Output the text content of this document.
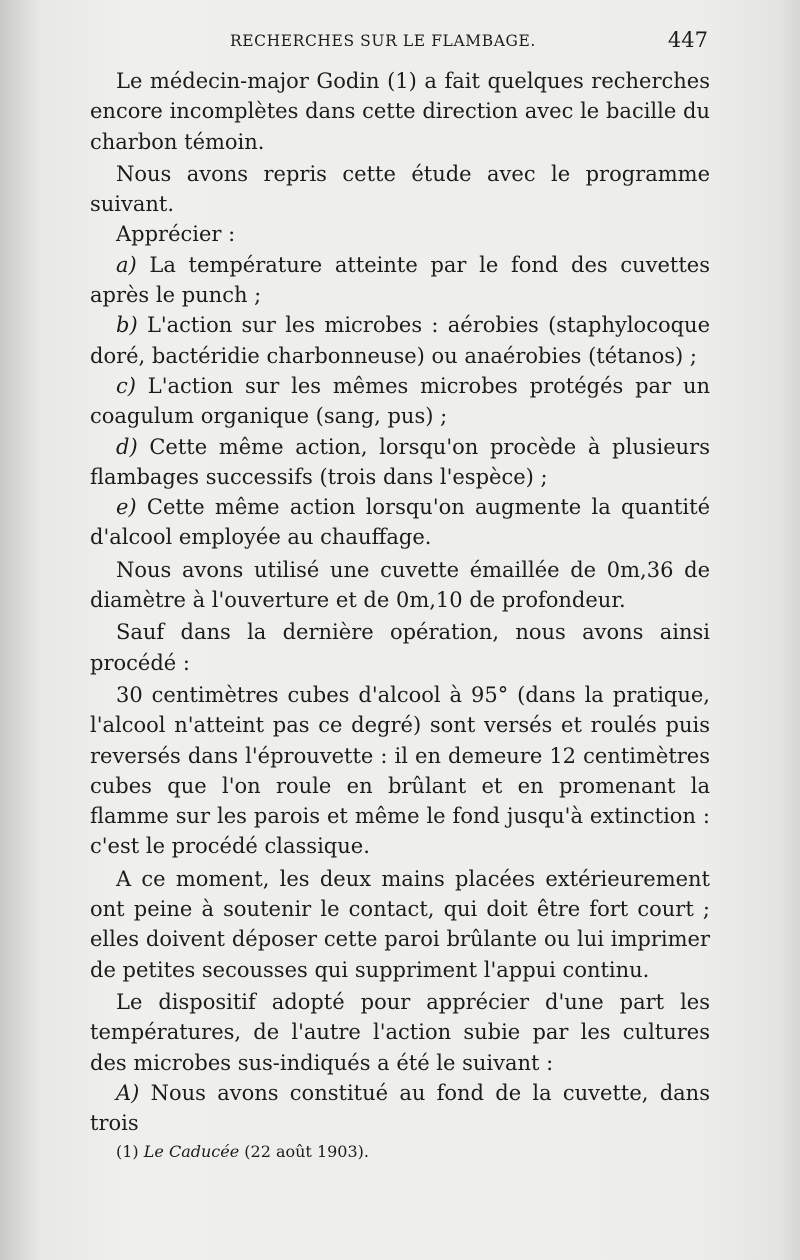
RECHERCHES SUR LE FLAMBAGE.	447

Le médecin-major Godin (1) a fait quelques recherches encore incomplètes dans cette direction avec le bacille du charbon témoin.

Nous avons repris cette étude avec le programme suivant.

Apprécier :

a) La température atteinte par le fond des cuvettes après le punch ;

b) L'action sur les microbes : aérobies (staphylocoque doré, bactéridie charbonneuse) ou anaérobies (tétanos) ;

c) L'action sur les mêmes microbes protégés par un coagulum organique (sang, pus) ;

d) Cette même action, lorsqu'on procède à plusieurs flambages successifs (trois dans l'espèce) ;

e) Cette même action lorsqu'on augmente la quantité d'alcool employée au chauffage.

Nous avons utilisé une cuvette émaillée de 0m,36 de diamètre à l'ouverture et de 0m,10 de profondeur.

Sauf dans la dernière opération, nous avons ainsi procédé :

30 centimètres cubes d'alcool à 95° (dans la pratique, l'alcool n'atteint pas ce degré) sont versés et roulés puis reversés dans l'éprouvette : il en demeure 12 centimètres cubes que l'on roule en brûlant et en promenant la flamme sur les parois et même le fond jusqu'à extinction : c'est le procédé classique.

A ce moment, les deux mains placées extérieurement ont peine à soutenir le contact, qui doit être fort court ; elles doivent déposer cette paroi brûlante ou lui imprimer de petites secousses qui suppriment l'appui continu.

Le dispositif adopté pour apprécier d'une part les températures, de l'autre l'action subie par les cultures des microbes sus-indiqués a été le suivant :

A) Nous avons constitué au fond de la cuvette, dans trois

(1) Le Caducée (22 août 1903).
